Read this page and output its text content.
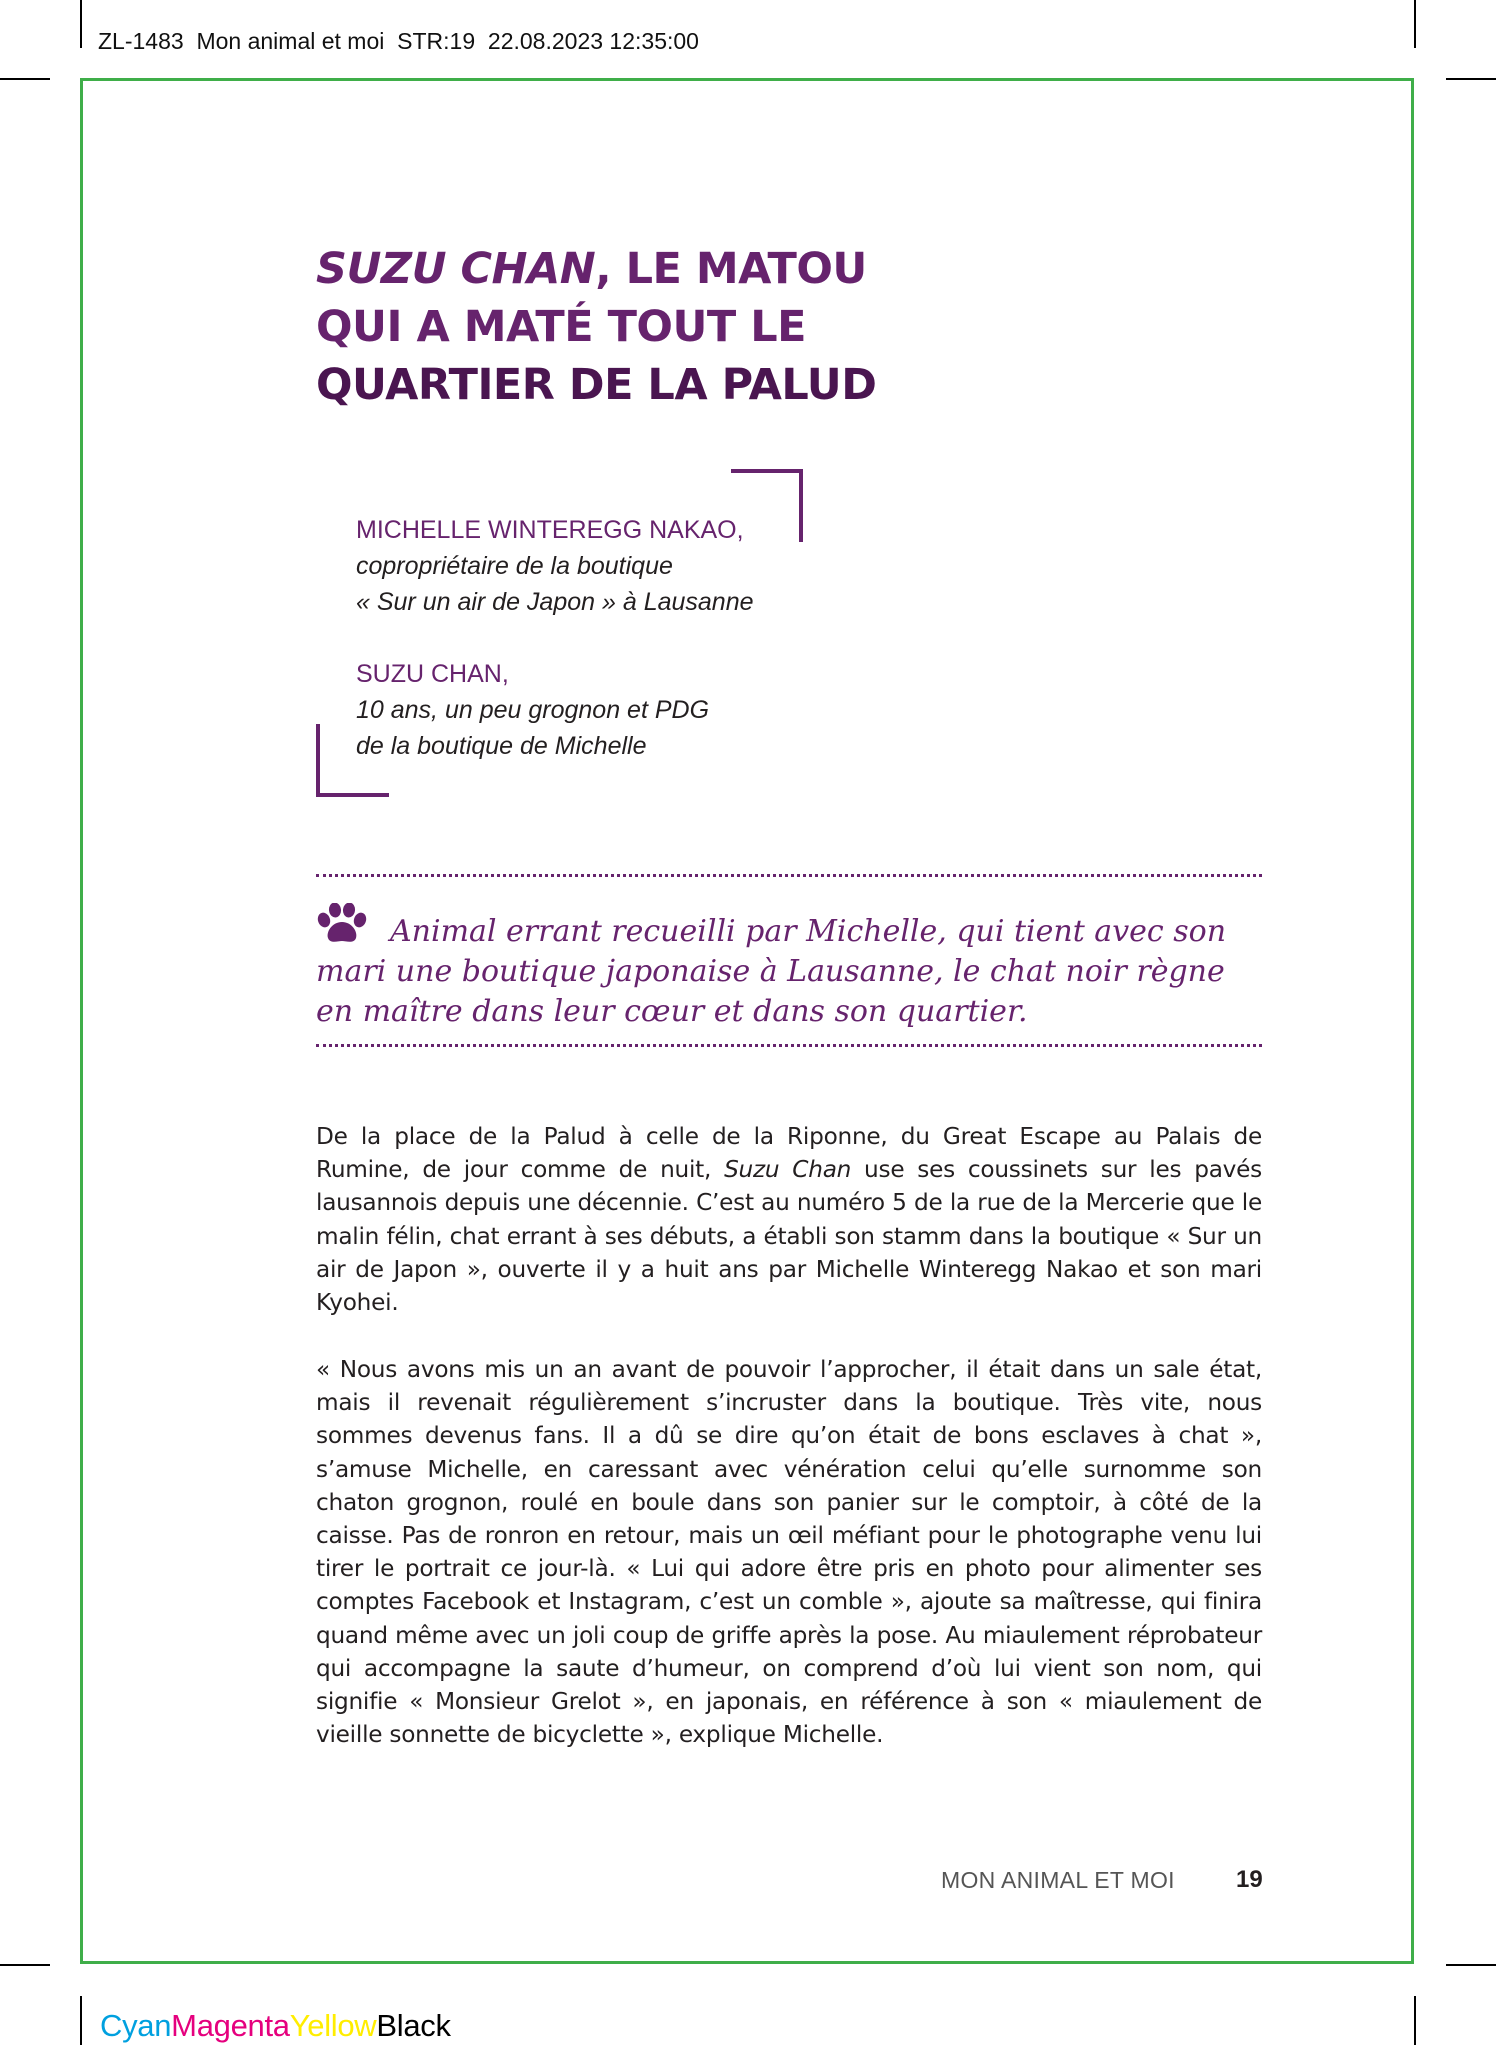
ZL-1483 Mon animal et moi STR:19 22.08.2023 12:35:00
SUZU CHAN, LE MATOU
QUI A MATÉ TOUT LE
QUARTIER DE LA PALUD
MICHELLE WINTEREGG NAKAO,
copropriétaire de la boutique
« Sur un air de Japon » à Lausanne
SUZU CHAN,
10 ans, un peu grognon et PDG
de la boutique de Michelle

Animal errant recueilli par Michelle, qui tient avec son mari une boutique japonaise à Lausanne, le chat noir règne en maître dans leur cœur et dans son quartier.

De la place de la Palud à celle de la Riponne, du Great Escape au Palais de Rumine, de jour comme de nuit, Suzu Chan use ses coussinets sur les pavés lausannois depuis une décennie. C’est au numéro 5 de la rue de la Mercerie que le malin félin, chat errant à ses débuts, a établi son stamm dans la boutique « Sur un air de Japon », ouverte il y a huit ans par Michelle Winteregg Nakao et son mari Kyohei.

« Nous avons mis un an avant de pouvoir l’approcher, il était dans un sale état, mais il revenait régulièrement s’incruster dans la boutique. Très vite, nous sommes devenus fans. Il a dû se dire qu’on était de bons esclaves à chat », s’amuse Michelle, en caressant avec vénération celui qu’elle surnomme son chaton grognon, roulé en boule dans son panier sur le comptoir, à côté de la caisse. Pas de ronron en retour, mais un œil méfiant pour le photographe venu lui tirer le portrait ce jour-là. « Lui qui adore être pris en photo pour alimenter ses comptes Facebook et Instagram, c’est un comble », ajoute sa maîtresse, qui finira quand même avec un joli coup de griffe après la pose. Au miaulement réprobateur qui accompagne la saute d’humeur, on comprend d’où lui vient son nom, qui signifie « Monsieur Grelot », en japonais, en référence à son « miaulement de vieille sonnette de bicyclette », explique Michelle.

MON ANIMAL ET MOI	19
CyanMagentaYellowBlack
